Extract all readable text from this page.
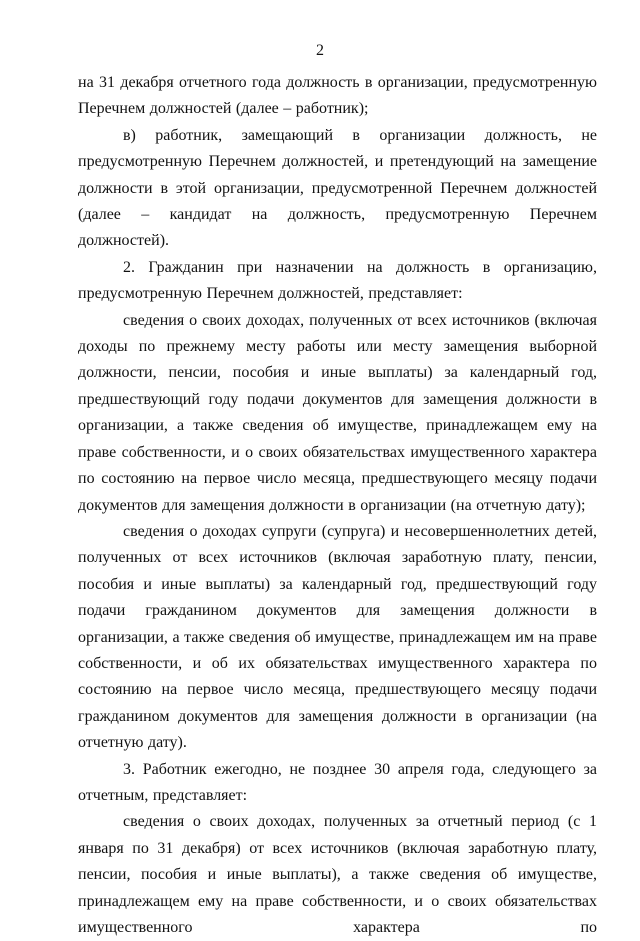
2

на 31 декабря отчетного года должность в организации, предусмотренную Перечнем должностей (далее – работник);

в) работник, замещающий в организации должность, не предусмотренную Перечнем должностей, и претендующий на замещение должности в этой организации, предусмотренной Перечнем должностей (далее – кандидат на должность, предусмотренную Перечнем должностей).

2. Гражданин при назначении на должность в организацию, предусмотренную Перечнем должностей, представляет:

сведения о своих доходах, полученных от всех источников (включая доходы по прежнему месту работы или месту замещения выборной должности, пенсии, пособия и иные выплаты) за календарный год, предшествующий году подачи документов для замещения должности в организации, а также сведения об имуществе, принадлежащем ему на праве собственности, и о своих обязательствах имущественного характера по состоянию на первое число месяца, предшествующего месяцу подачи документов для замещения должности в организации (на отчетную дату);

сведения о доходах супруги (супруга) и несовершеннолетних детей, полученных от всех источников (включая заработную плату, пенсии, пособия и иные выплаты) за календарный год, предшествующий году подачи гражданином документов для замещения должности в организации, а также сведения об имуществе, принадлежащем им на праве собственности, и об их обязательствах имущественного характера по состоянию на первое число месяца, предшествующего месяцу подачи гражданином документов для замещения должности в организации (на отчетную дату).

3. Работник ежегодно, не позднее 30 апреля года, следующего за отчетным, представляет:

сведения о своих доходах, полученных за отчетный период (с 1 января по 31 декабря) от всех источников (включая заработную плату, пенсии, пособия и иные выплаты), а также сведения об имуществе, принадлежащем ему на праве собственности, и о своих обязательствах имущественного характера по
